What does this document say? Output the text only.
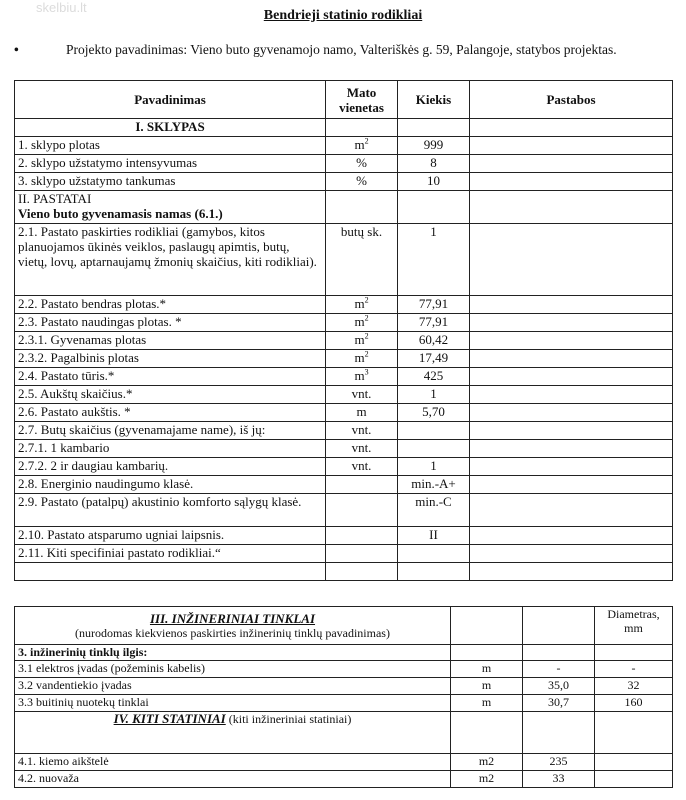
skelbiu.lt
Bendrieji statinio rodikliai
•	Projekto pavadinimas: Vieno buto gyvenamojo namo, Valteriškės g. 59, Palangoje, statybos projektas.
Pavadinimas	Mato vienetas	Kiekis	Pastabos
I. SKLYPAS			
1. sklypo plotas	$m^2$	999	
2. sklypo užstatymo intensyvumas	%	8	
3. sklypo užstatymo tankumas	%	10	

II. PASTATAI
Vieno buto gyvenamasis namas (6.1.)			

2.1. Pastato paskirties rodikliai (gamybos, kitos planuojamos ūkinės veiklos, paslaugų apimtis, butų, vietų, lovų, aptarnaujamų žmonių skaičius, kiti rodikliai).	butų sk.	1	
2.2. Pastato bendras plotas.*	$m^2$	77,91	
2.3. Pastato naudingas plotas. *	$m^2$	77,91	
2.3.1. Gyvenamas plotas	$m^2$	60,42	
2.3.2. Pagalbinis plotas	$m^2$	17,49	
2.4. Pastato tūris.*	$m^3$	425	
2.5. Aukštų skaičius.*	vnt.	1	
2.6. Pastato aukštis. *	m	5,70	
2.7. Butų skaičius (gyvenamajame name), iš jų:	vnt.		
2.7.1. 1 kambario	vnt.		
2.7.2. 2 ir daugiau kambarių.	vnt.	1	
2.8. Energinio naudingumo klasė.		min.-A+	
2.9. Pastato (patalpų) akustinio komforto sąlygų klasė.		min.-C	
2.10. Pastato atsparumo ugniai laipsnis.		II	
2.11. Kiti specifiniai pastato rodikliai.“			

III. INŽINERINIAI TINKLAI
(nurodomas kiekvienos paskirties inžinerinių tinklų pavadinimas)			Diametras, mm
3. inžinerinių tinklų ilgis:			
3.1 elektros įvadas (požeminis kabelis)	m	-	-
3.2 vandentiekio įvadas	m	35,0	32
3.3 buitinių nuotekų tinklai	m	30,7	160
IV. KITI STATINIAI (kiti inžineriniai statiniai)			
4.1. kiemo aikštelė	m2	235	
4.2. nuovaža	m2	33	
